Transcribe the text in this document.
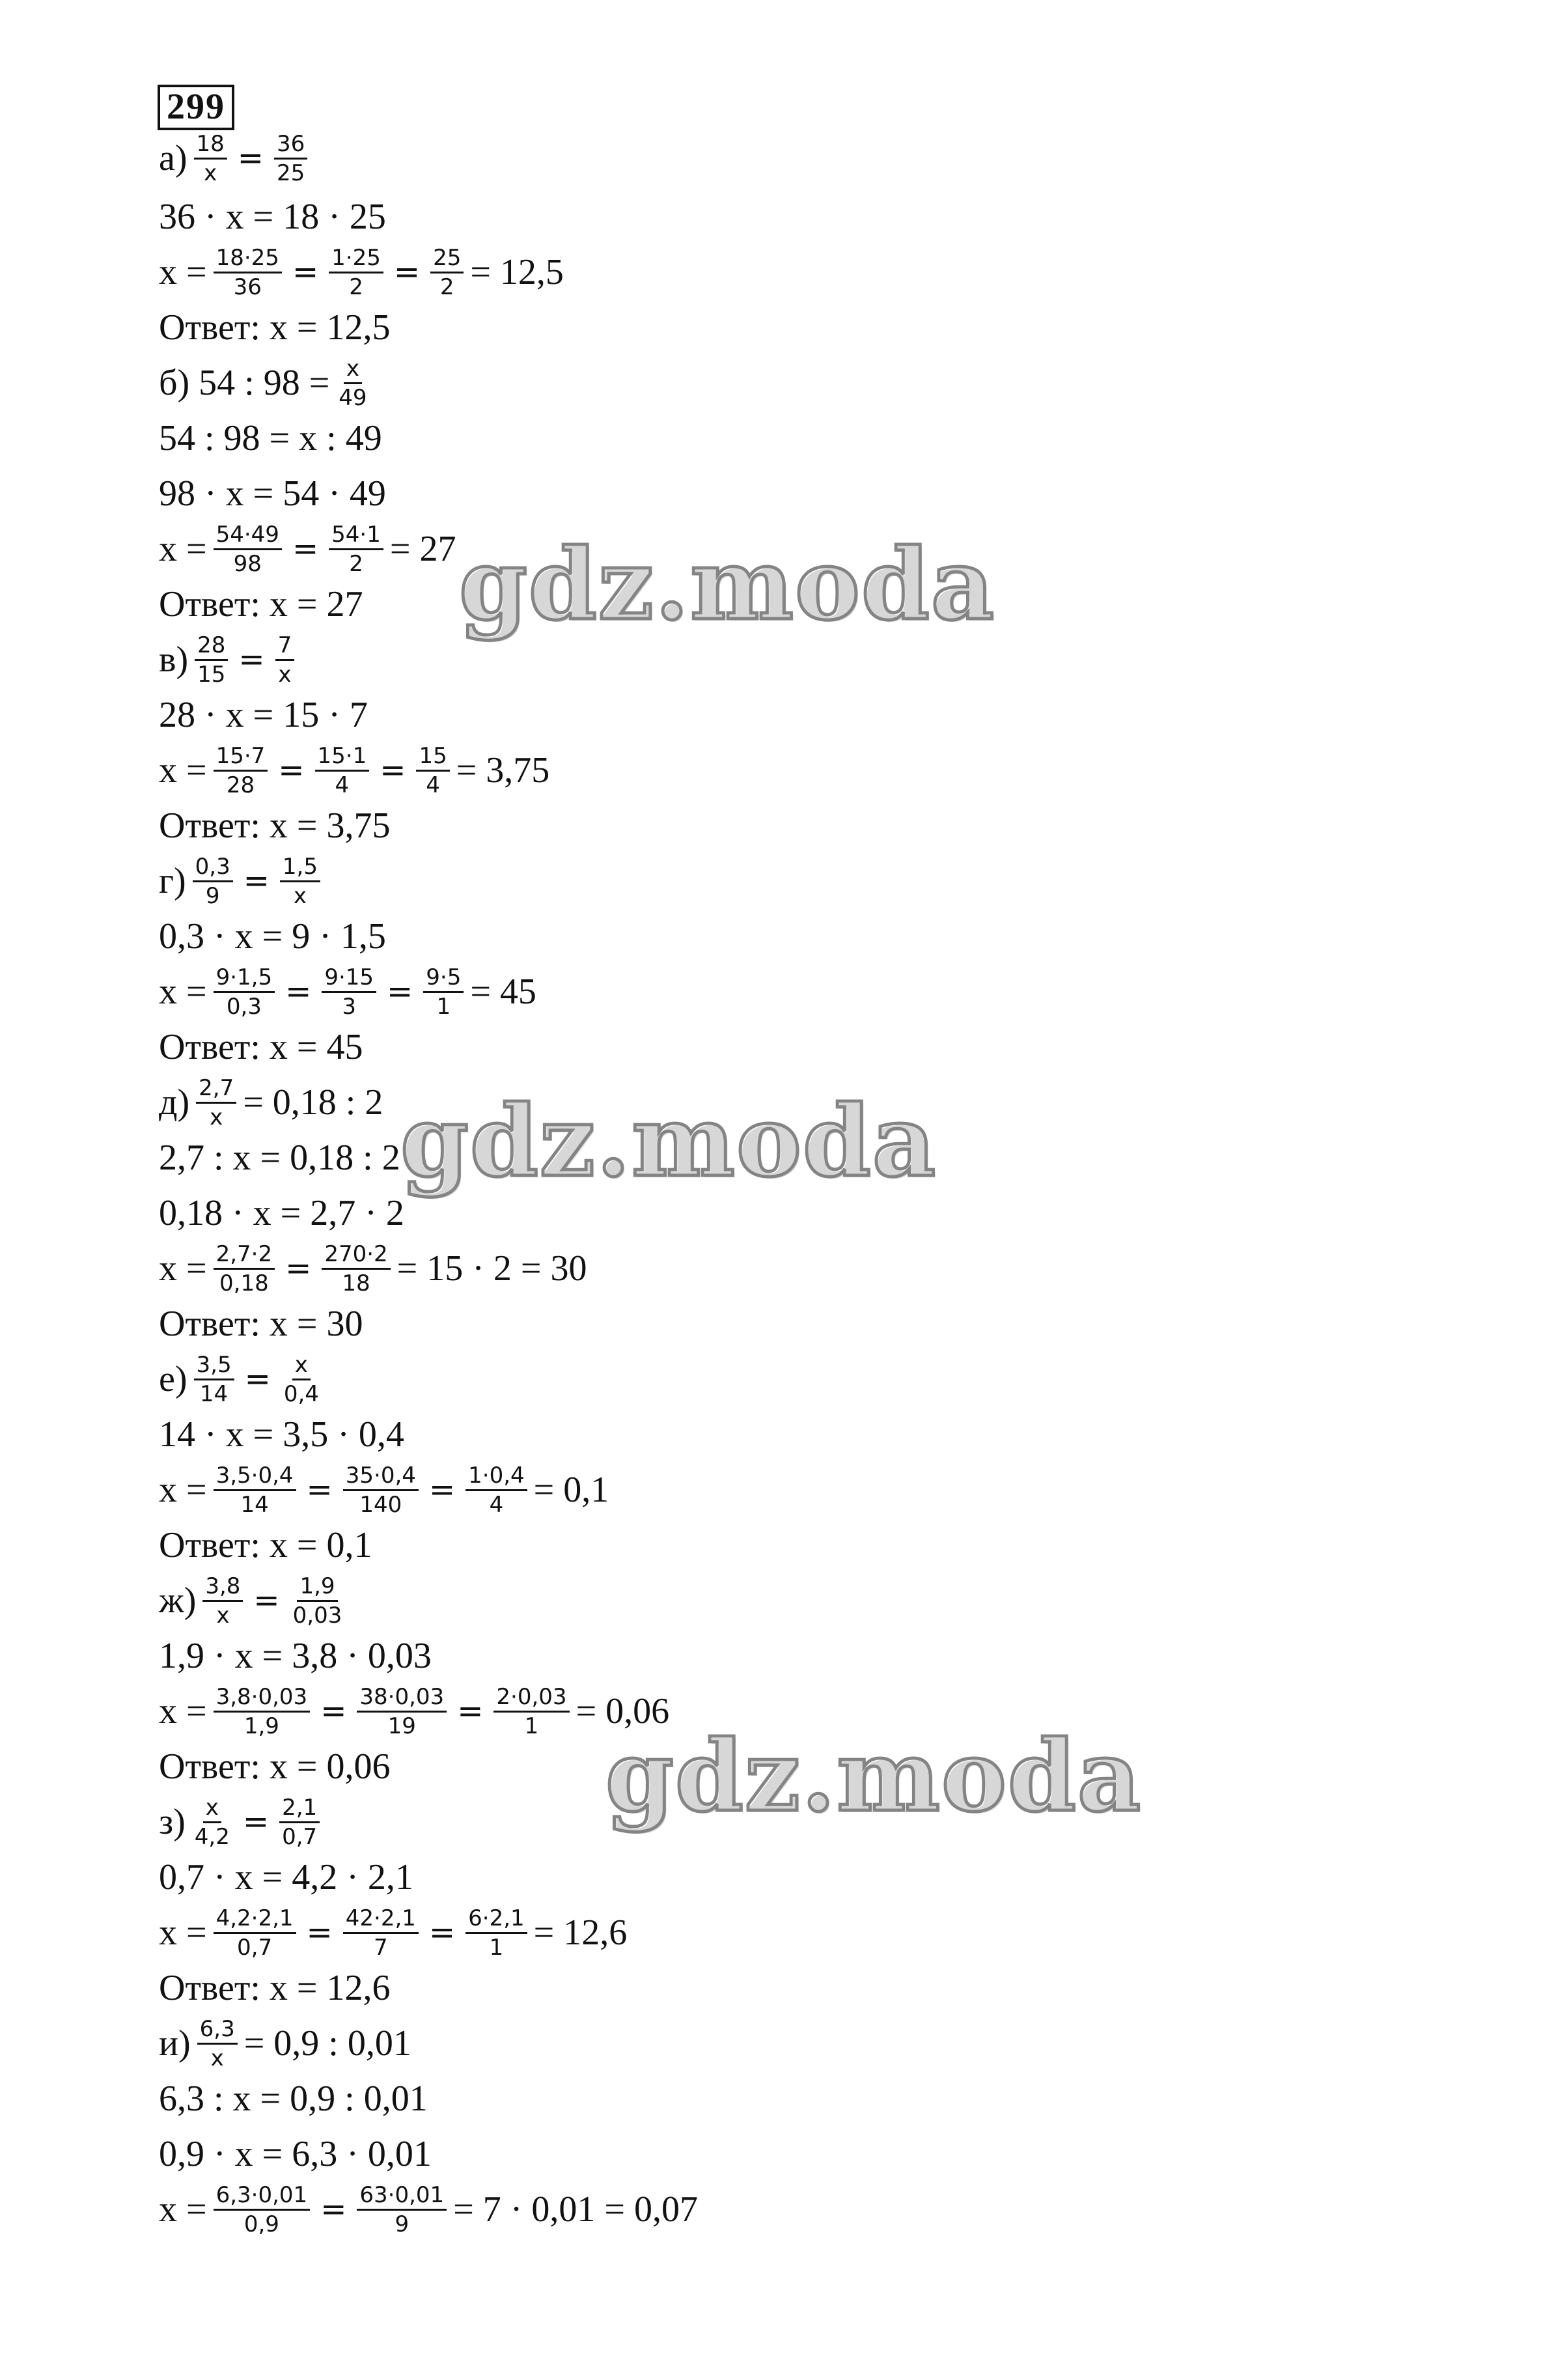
299
$а) \frac{18}{x} = \frac{36}{25}$
36 · x = 18 · 25
$x = \frac{18\cdot 25}{36} = \frac{1\cdot 25}{2} = \frac{25}{2} = 12,5$
Ответ: x = 12,5
б) 54 : $98 = \frac{x}{49}$
54 : 98 = x : 49
98 · x = 54 · 49
$x = \frac{54\cdot 49}{98} = \frac{54\cdot 1}{2} = 27$
Ответ: x = 27
$в) \frac{28}{15} = \frac{7}{x}$
28 · x = 15 · 7
$x = \frac{15\cdot 7}{28} = \frac{15\cdot 1}{4} = \frac{15}{4} = 3,75$
Ответ: x = 3,75
$г) \frac{0,3}{9} = \frac{1,5}{x}$
0,3 · x = 9 · 1,5
$x = \frac{9\cdot 1,5}{0,3} = \frac{9\cdot 15}{3} = \frac{9\cdot 5}{1} = 45$
Ответ: x = 45
$д) \frac{2,7}{x} = 0,18$ : 2
2,7 : x = 0,18 : 2
0,18 · x = 2,7 · 2
$x = \frac{2,7\cdot 2}{0,18} = \frac{270\cdot 2}{18} = 15 \cdot 2 = 30$
Ответ: x = 30
$е) \frac{3,5}{14} = \frac{x}{0,4}$
14 · x = 3,5 · 0,4
$x = \frac{3,5\cdot 0,4}{14} = \frac{35\cdot 0,4}{140} = \frac{1\cdot 0,4}{4} = 0,1$
Ответ: x = 0,1
$ж) \frac{3,8}{x} = \frac{1,9}{0,03}$
1,9 · x = 3,8 · 0,03
$x = \frac{3,8\cdot 0,03}{1,9} = \frac{38\cdot 0,03}{19} = \frac{2\cdot 0,03}{1} = 0,06$
Ответ: x = 0,06
$з) \frac{x}{4,2} = \frac{2,1}{0,7}$
0,7 · x = 4,2 · 2,1
$x = \frac{4,2\cdot 2,1}{0,7} = \frac{42\cdot 2,1}{7} = \frac{6\cdot 2,1}{1} = 12,6$
Ответ: x = 12,6
$и) \frac{6,3}{x} = 0,9$ : 0,01
6,3 : x = 0,9 : 0,01
0,9 · x = 6,3 · 0,01
$x = \frac{6,3\cdot 0,01}{0,9} = \frac{63\cdot 0,01}{9} = 7 \cdot 0,01 = 0,07$
gdz.moda
gdz.moda
gdz.moda
